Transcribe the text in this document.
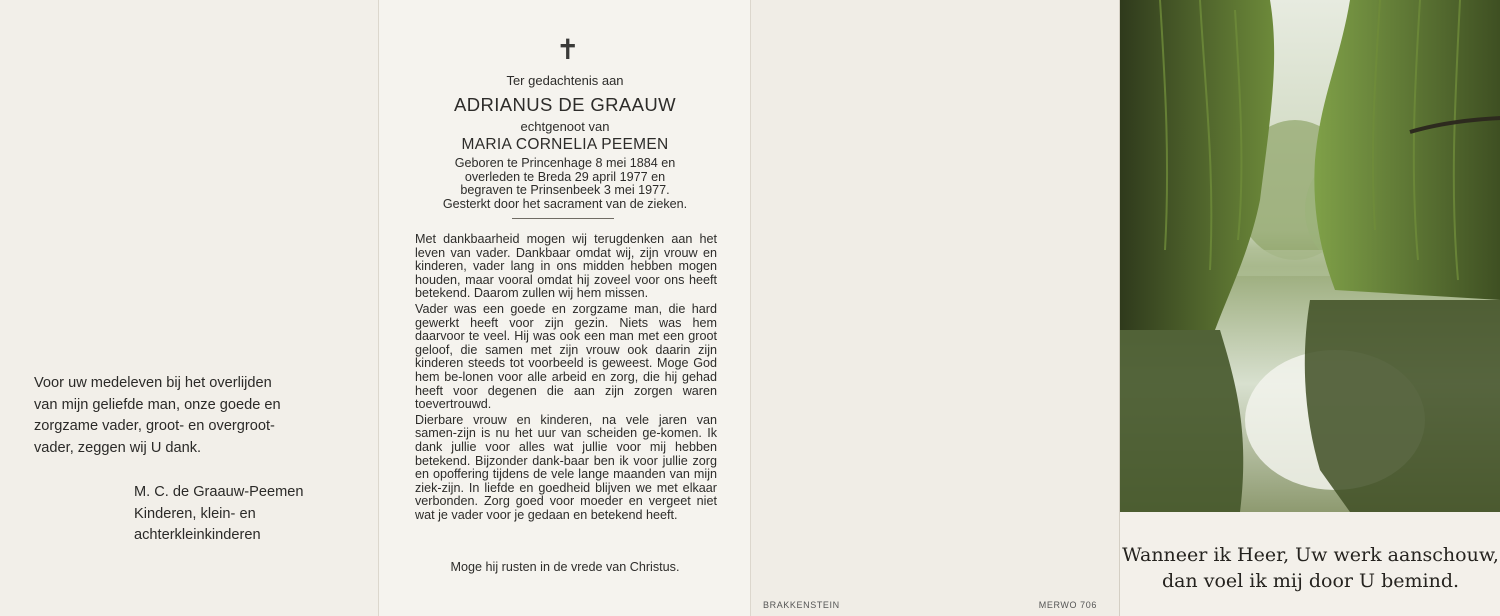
Voor uw medeleven bij het overlijden
van mijn geliefde man, onze goede en
zorgzame vader, groot- en overgroot-
vader, zeggen wij U dank.
M. C. de Graauw-Peemen
Kinderen, klein- en
achterkleinkinderen
✝
Ter gedachtenis aan
ADRIANUS DE GRAAUW
echtgenoot van
MARIA CORNELIA PEEMEN
Geboren te Princenhage 8 mei 1884 en
overleden te Breda 29 april 1977 en
begraven te Prinsenbeek 3 mei 1977.
Gesterkt door het sacrament van de zieken.

Met dankbaarheid mogen wij terugdenken aan het leven van vader. Dankbaar omdat wij, zijn vrouw en kinderen, vader lang in ons midden hebben mogen houden, maar vooral omdat hij zoveel voor ons heeft betekend. Daarom zullen wij hem missen.

Vader was een goede en zorgzame man, die hard gewerkt heeft voor zijn gezin. Niets was hem daarvoor te veel. Hij was ook een man met een groot geloof, die samen met zijn vrouw ook daarin zijn kinderen steeds tot voorbeeld is geweest. Moge God hem be-lonen voor alle arbeid en zorg, die hij gehad heeft voor degenen die aan zijn zorgen waren toevertrouwd.

Dierbare vrouw en kinderen, na vele jaren van samen-zijn is nu het uur van scheiden ge-komen. Ik dank jullie voor alles wat jullie voor mij hebben betekend. Bijzonder dank-baar ben ik voor jullie zorg en opoffering tijdens de vele lange maanden van mijn ziek-zijn. In liefde en goedheid blijven we met elkaar verbonden. Zorg goed voor moeder en vergeet niet wat je vader voor je gedaan en betekend heeft.

Moge hij rusten in de vrede van Christus.
BRAKKENSTEIN	MERWO 706
Wanneer ik Heer, Uw werk aanschouw,
dan voel ik mij door U bemind.
